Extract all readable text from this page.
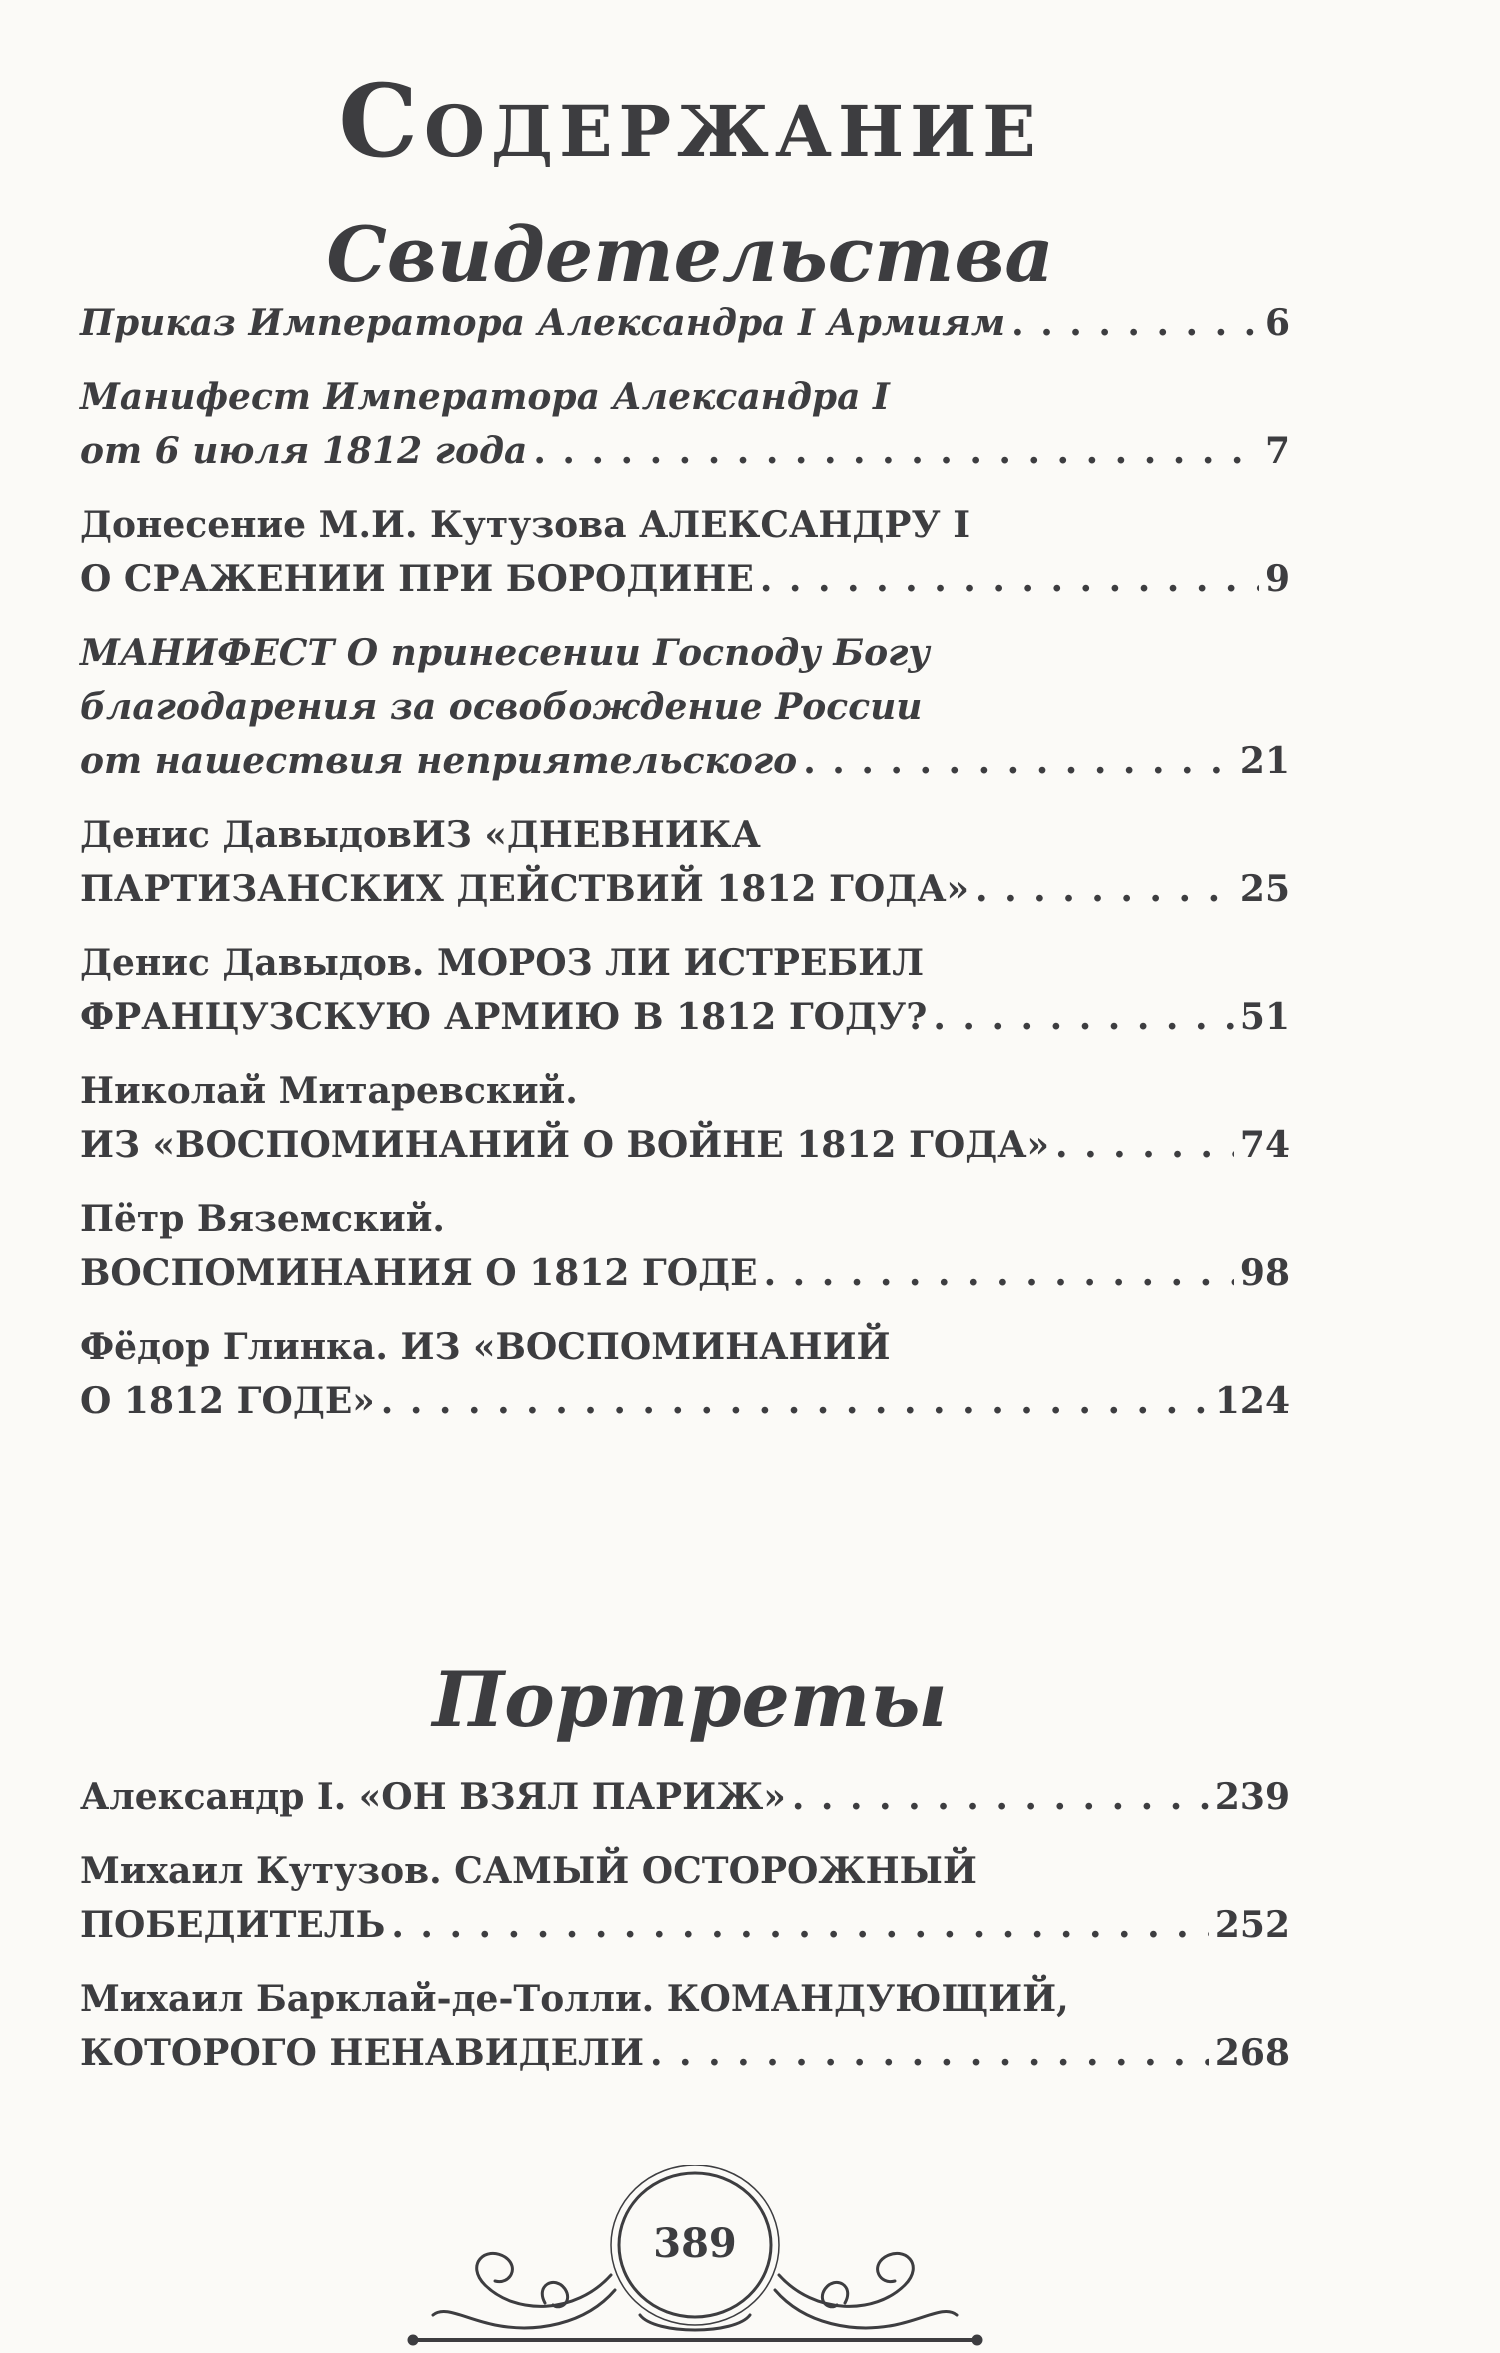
Содержание
Свидетельства
Приказ Императора Александра I Армиям . . .	6
Манифест Императора Александра I
от 6 июля 1812 года . . .	7
Донесение М.И. Кутузова АЛЕКСАНДРУ I
О СРАЖЕНИИ ПРИ БОРОДИНЕ . . .	9
МАНИФЕСТ О принесении Господу Богу
благодарения за освобождение России
от нашествия неприятельского . . .	21
Денис ДавыдовИЗ «ДНЕВНИКА
ПАРТИЗАНСКИХ ДЕЙСТВИЙ 1812 ГОДА» . . .	25
Денис Давыдов. МОРОЗ ЛИ ИСТРЕБИЛ
ФРАНЦУЗСКУЮ АРМИЮ В 1812 ГОДУ? . . .	51
Николай Митаревский.
ИЗ «ВОСПОМИНАНИЙ О ВОЙНЕ 1812 ГОДА» . . .	74
Пётр Вяземский.
ВОСПОМИНАНИЯ О 1812 ГОДЕ . . .	98
Фёдор Глинка. ИЗ «ВОСПОМИНАНИЙ
О 1812 ГОДЕ» . . .	124
Портреты
Александр I. «ОН ВЗЯЛ ПАРИЖ» . . .	239
Михаил Кутузов. САМЫЙ ОСТОРОЖНЫЙ
ПОБЕДИТЕЛЬ . . .	252
Михаил Барклай-де-Толли. КОМАНДУЮЩИЙ,
КОТОРОГО НЕНАВИДЕЛИ . . .	268
389
